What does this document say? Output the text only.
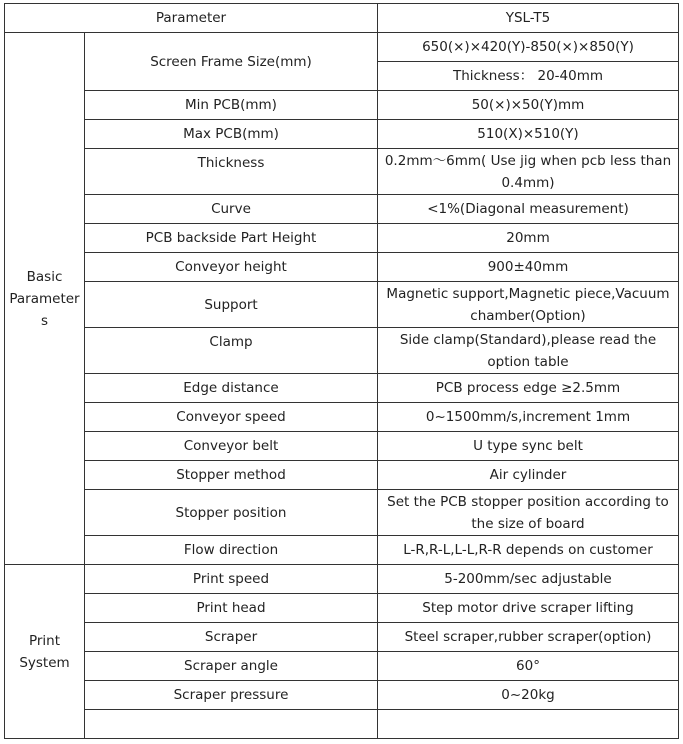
Parameter		YSL-T5
Basic Parameters	Screen Frame Size(mm)	650(×)×420(Y)-850(×)×850(Y)
		Thickness： 20-40mm
	Min PCB(mm)	50(×)×50(Y)mm
	Max PCB(mm)	510(X)×510(Y)
	Thickness	0.2mm～6mm( Use jig when pcb less than 0.4mm)
	Curve	<1%(Diagonal measurement)
	PCB backside Part Height	20mm
	Conveyor height	900±40mm
	Support	Magnetic support,Magnetic piece,Vacuum chamber(Option)
	Clamp	Side clamp(Standard),please read the option table
	Edge distance	PCB process edge ≥2.5mm
	Conveyor speed	0~1500mm/s,increment 1mm
	Conveyor belt	U type sync belt
	Stopper method	Air cylinder
	Stopper position	Set the PCB stopper position according to the size of board
	Flow direction	L-R,R-L,L-L,R-R depends on customer
Print System	Print speed	5-200mm/sec adjustable
	Print head	Step motor drive scraper lifting
	Scraper	Steel scraper,rubber scraper(option)
	Scraper angle	60°
	Scraper pressure	0~20kg
